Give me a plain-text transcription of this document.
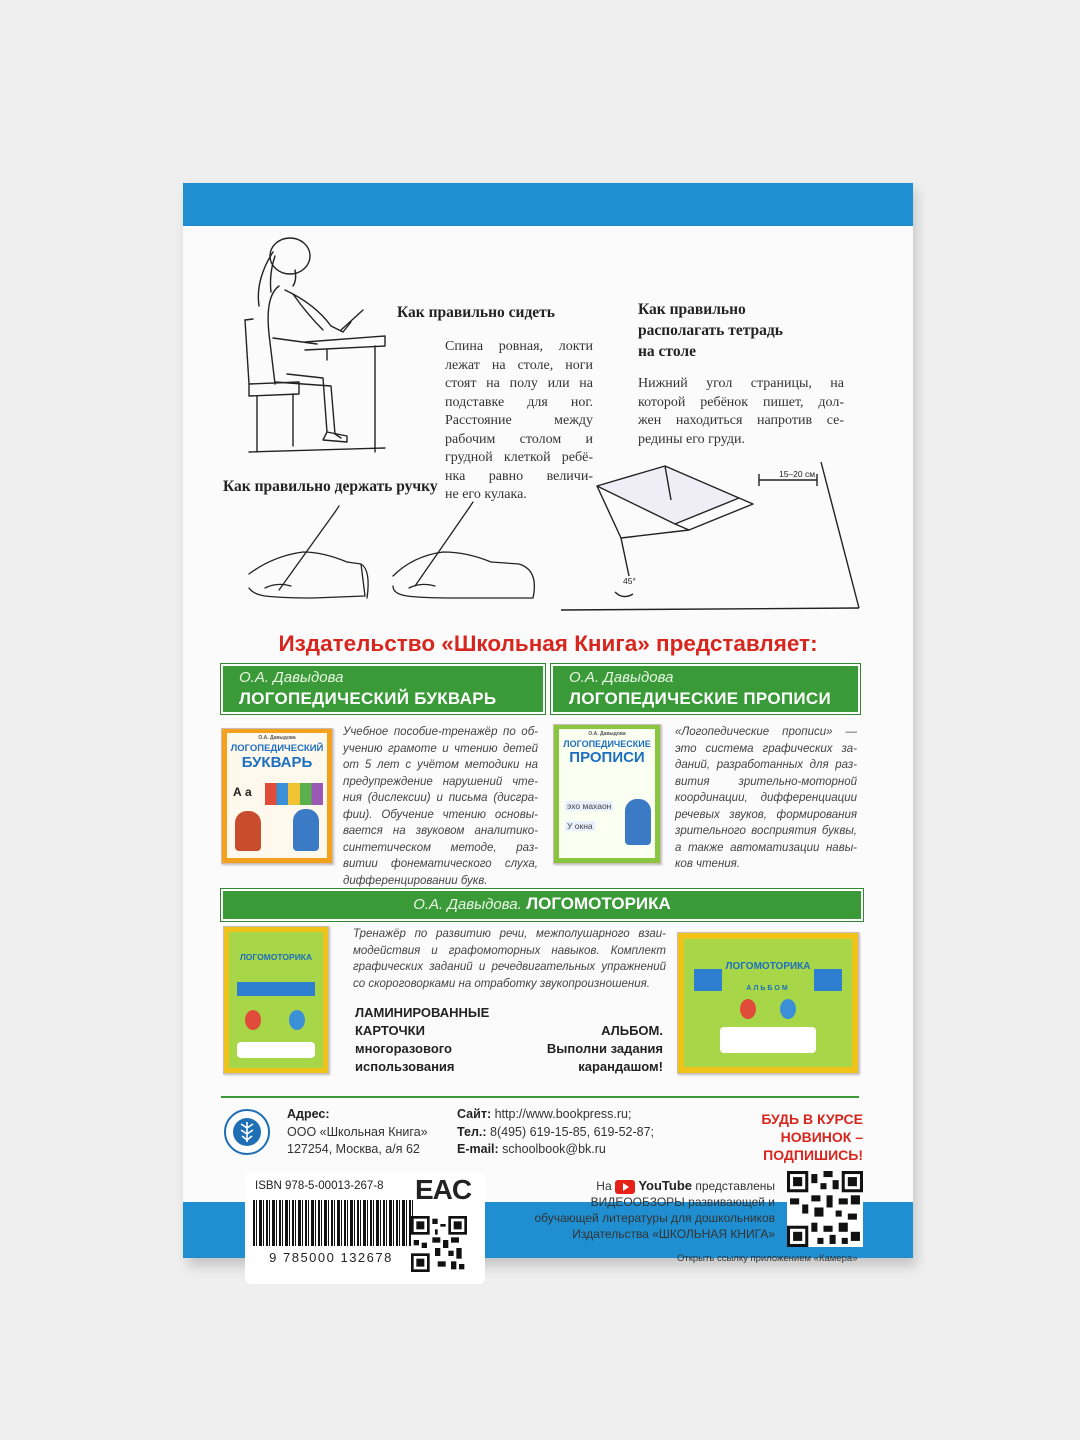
Как правильно сидеть
Спина ровная, локти
лежат на столе, ноги
стоят на полу или на
подставке для ног.
Расстояние между
рабочим столом и
грудной клеткой ребё-
нка равно величи-
не его кулака.
Как правильно
располагать тетрадь
на столе
Нижний угол страницы, на
которой ребёнок пишет, дол-
жен находиться напротив се-
редины его груди.
15–20 см
45°
Как правильно держать ручку
Издательство «Школьная Книга» представляет:
О.А. Давыдова
ЛОГОПЕДИЧЕСКИЙ БУКВАРЬ
О.А. Давыдова
ЛОГОПЕДИЧЕСКИЕ ПРОПИСИ
О.А. Давыдова
ЛОГОПЕДИЧЕСКИЙ
БУКВАРЬ
А а
О.А. Давыдова
ЛОГОПЕДИЧЕСКИЕ
ПРОПИСИ
эхо махаон
У окна
Учебное пособие-тренажёр по об-
учению грамоте и чтению детей
от 5 лет с учётом методики на
предупреждение нарушений чте-
ния (дислексии) и письма (дисгра-
фии). Обучение чтению основы-
вается на звуковом аналитико-
синтетическом методе, раз-
витии фонематического слуха,
дифференцировании букв.
«Логопедические прописи» —
это система графических за-
даний, разработанных для раз-
вития зрительно-моторной
координации, дифференциации
речевых звуков, формирования
зрительного восприятия буквы,
а также автоматизации навы-
ков чтения.
О.А. Давыдова. ЛОГОМОТОРИКА
ЛОГОМОТОРИКА
Тренажёр по развитию речи, межполушарного взаи-
модействия и графомоторных навыков. Комплект
графических заданий и речедвигательных упражнений
со скороговорками на отработку звукопроизношения.
ЛОГОМОТОРИКА
АЛЬБОМ
ЛАМИНИРОВАННЫЕ
КАРТОЧКИ
многоразового
использования
АЛЬБОМ.
Выполни задания
карандашом!
Адрес:
ООО «Школьная Книга»
127254, Москва, а/я 62
Сайт: http://www.bookpress.ru;
Тел.: 8(495) 619-15-85, 619-52-87;
E-mail: schoolbook@bk.ru
БУДЬ В КУРСЕ
НОВИНОК –
ПОДПИШИСЬ!
ISBN 978-5-00013-267-8
9 785000 132678
EAC	На YouTube представлены
ВИДЕООБЗОРЫ развивающей и
обучающей литературы для дошкольников
Издательства «ШКОЛЬНАЯ КНИГА»
Открыть ссылку приложением «Камера»
